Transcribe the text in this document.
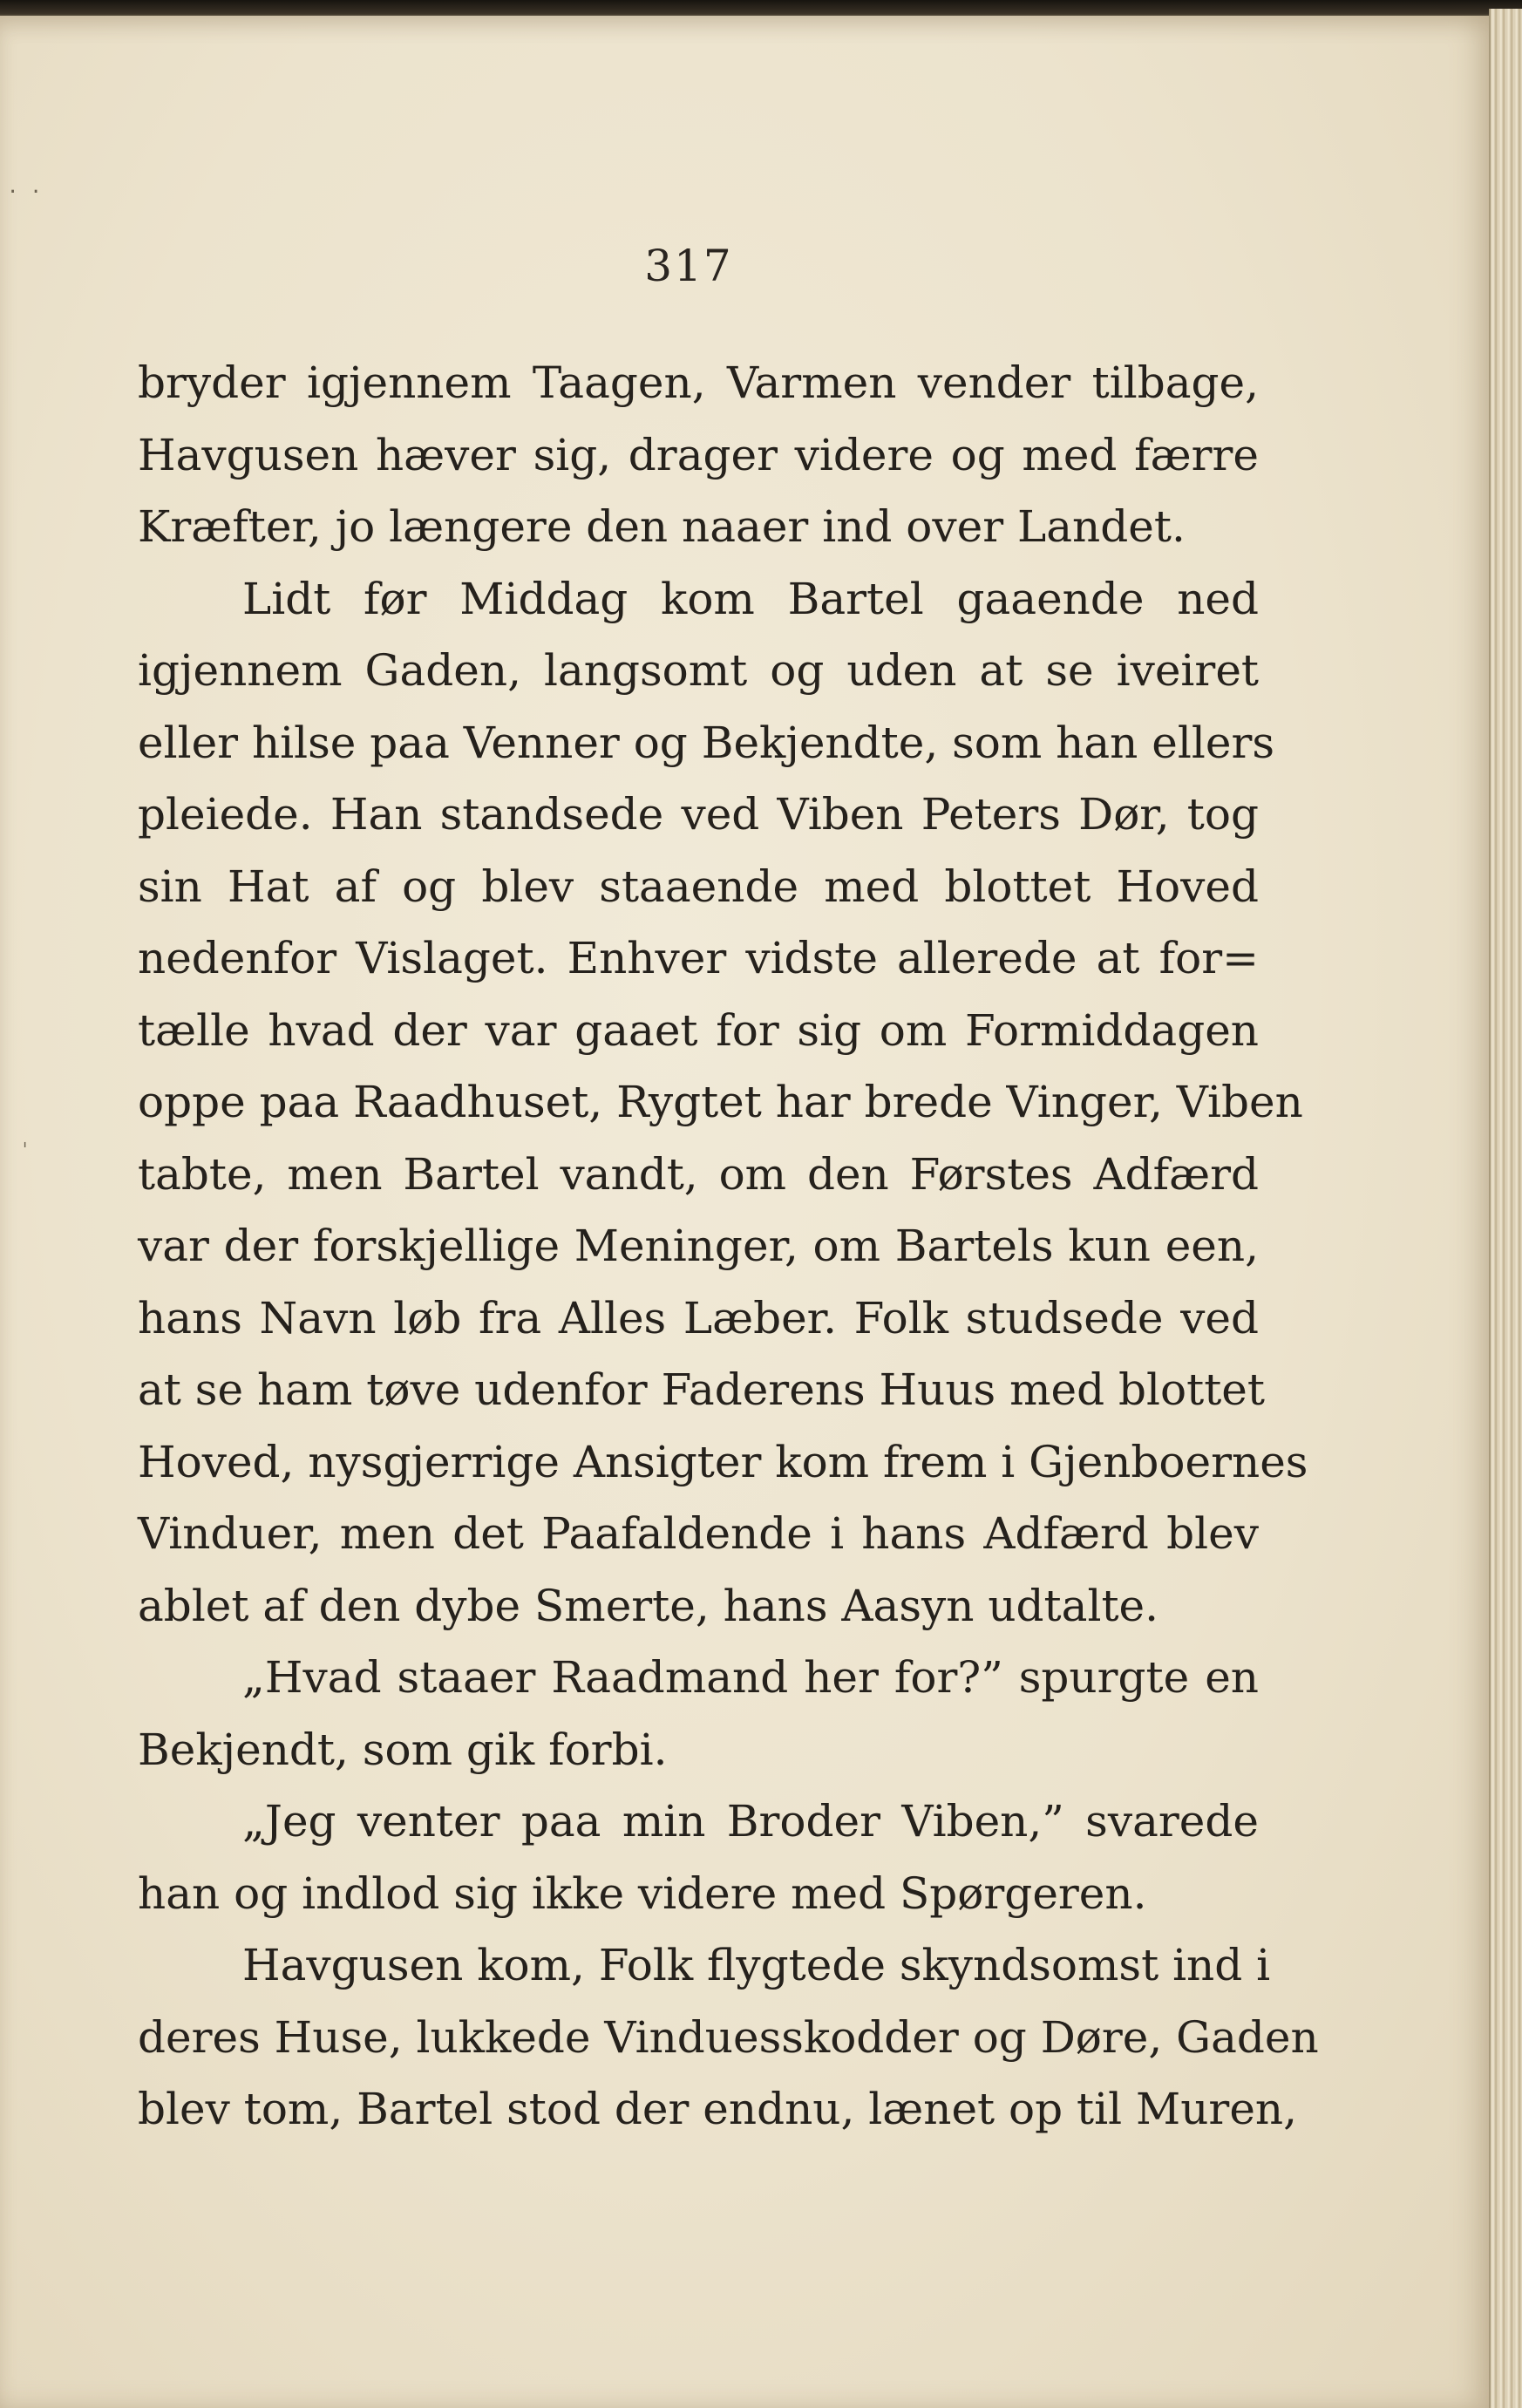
· ·
ˈ
317
bryder igjennem Taagen, Varmen vender tilbage,
Havgusen hæver sig, drager videre og med færre
Kræfter, jo længere den naaer ind over Landet.
Lidt før Middag kom Bartel gaaende ned
igjennem Gaden, langsomt og uden at se iveiret
eller hilse paa Venner og Bekjendte, som han ellers
pleiede. Han standsede ved Viben Peters Dør, tog
sin Hat af og blev staaende med blottet Hoved
nedenfor Vislaget. Enhver vidste allerede at for=
tælle hvad der var gaaet for sig om Formiddagen
oppe paa Raadhuset, Rygtet har brede Vinger, Viben
tabte, men Bartel vandt, om den Førstes Adfærd
var der forskjellige Meninger, om Bartels kun een,
hans Navn løb fra Alles Læber. Folk studsede ved
at se ham tøve udenfor Faderens Huus med blottet
Hoved, nysgjerrige Ansigter kom frem i Gjenboernes
Vinduer, men det Paafaldende i hans Adfærd blev
ablet af den dybe Smerte, hans Aasyn udtalte.
„Hvad staaer Raadmand her for?” spurgte en
Bekjendt, som gik forbi.
„Jeg venter paa min Broder Viben,” svarede
han og indlod sig ikke videre med Spørgeren.
Havgusen kom, Folk flygtede skyndsomst ind i
deres Huse, lukkede Vinduesskodder og Døre, Gaden
blev tom, Bartel stod der endnu, lænet op til Muren,
